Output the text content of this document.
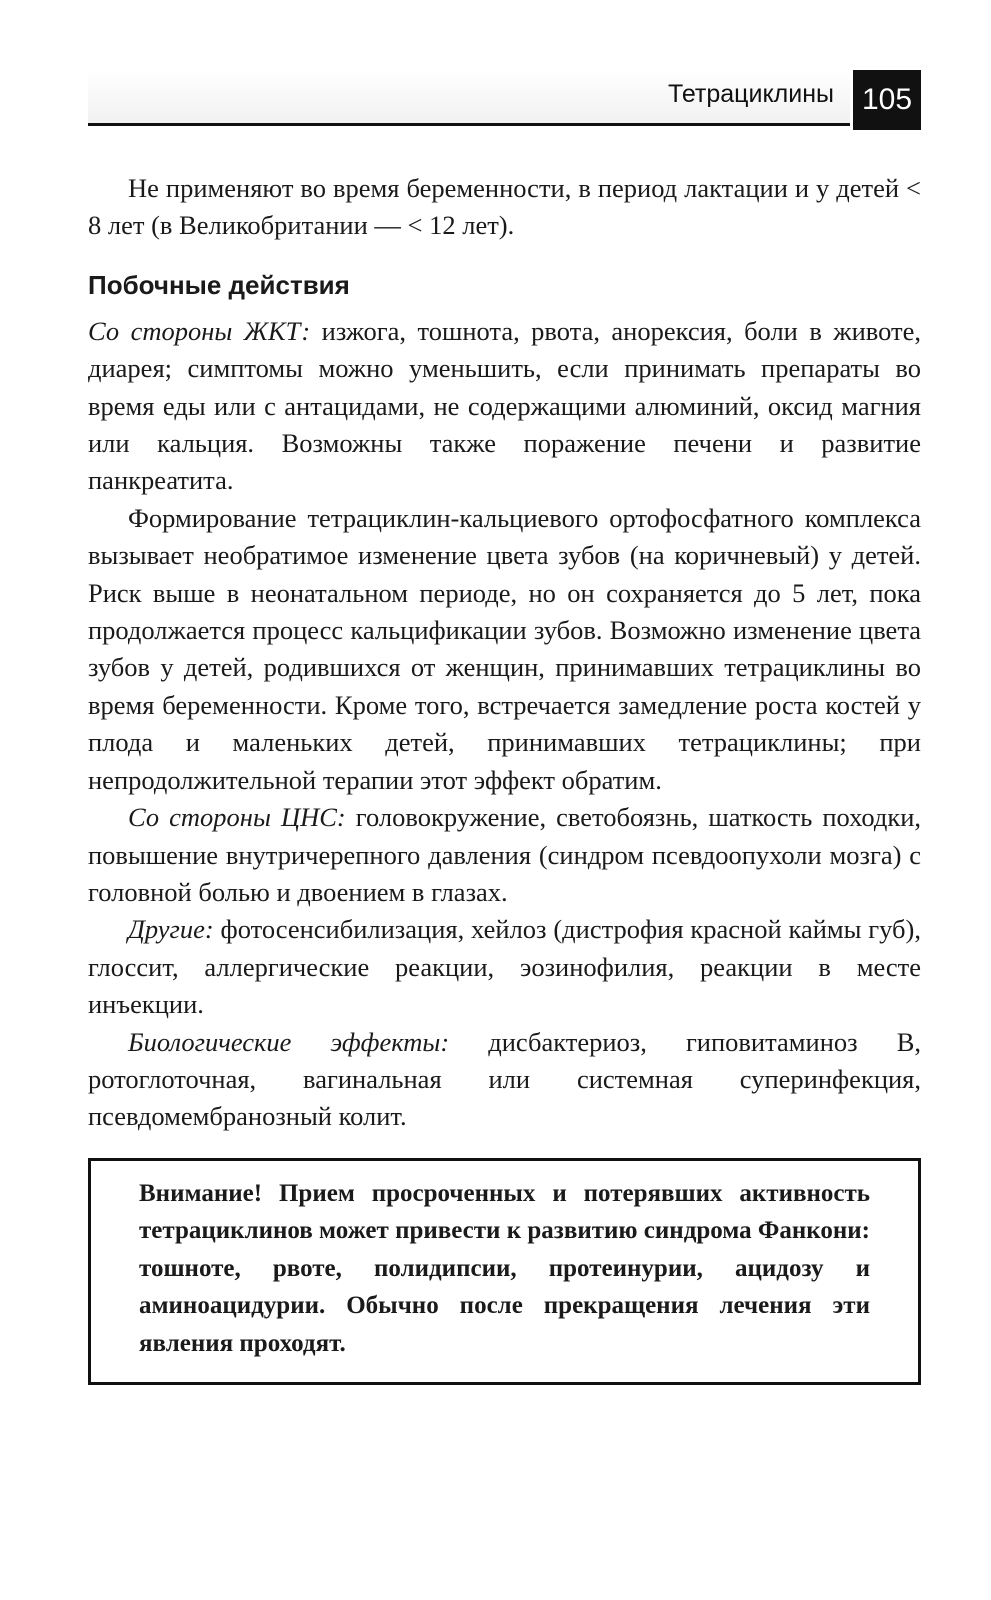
Тетрациклины 105

Не применяют во время беременности, в период лактации и у детей < 8 лет (в Великобритании — < 12 лет).

Побочные действия

Со стороны ЖКТ: изжога, тошнота, рвота, анорексия, боли в животе, диарея; симптомы можно уменьшить, если принимать препараты во время еды или с антацидами, не содержащими алюминий, оксид магния или кальция. Возможны также поражение печени и развитие панкреатита.

Формирование тетрациклин-кальциевого ортофосфатного комплекса вызывает необратимое изменение цвета зубов (на коричневый) у детей. Риск выше в неонатальном периоде, но он сохраняется до 5 лет, пока продолжается процесс кальцификации зубов. Возможно изменение цвета зубов у детей, родившихся от женщин, принимавших тетрациклины во время беременности. Кроме того, встречается замедление роста костей у плода и маленьких детей, принимавших тетрациклины; при непродолжительной терапии этот эффект обратим.

Со стороны ЦНС: головокружение, светобоязнь, шаткость походки, повышение внутричерепного давления (синдром псевдоопухоли мозга) с головной болью и двоением в глазах.

Другие: фотосенсибилизация, хейлоз (дистрофия красной каймы губ), глоссит, аллергические реакции, эозинофилия, реакции в месте инъекции.

Биологические эффекты: дисбактериоз, гиповитаминоз В, ротоглоточная, вагинальная или системная суперинфекция, псевдомембранозный колит.

Внимание! Прием просроченных и потерявших активность тетрациклинов может привести к развитию синдрома Фанкони: тошноте, рвоте, полидипсии, протеинурии, ацидозу и аминоацидурии. Обычно после прекращения лечения эти явления проходят.
